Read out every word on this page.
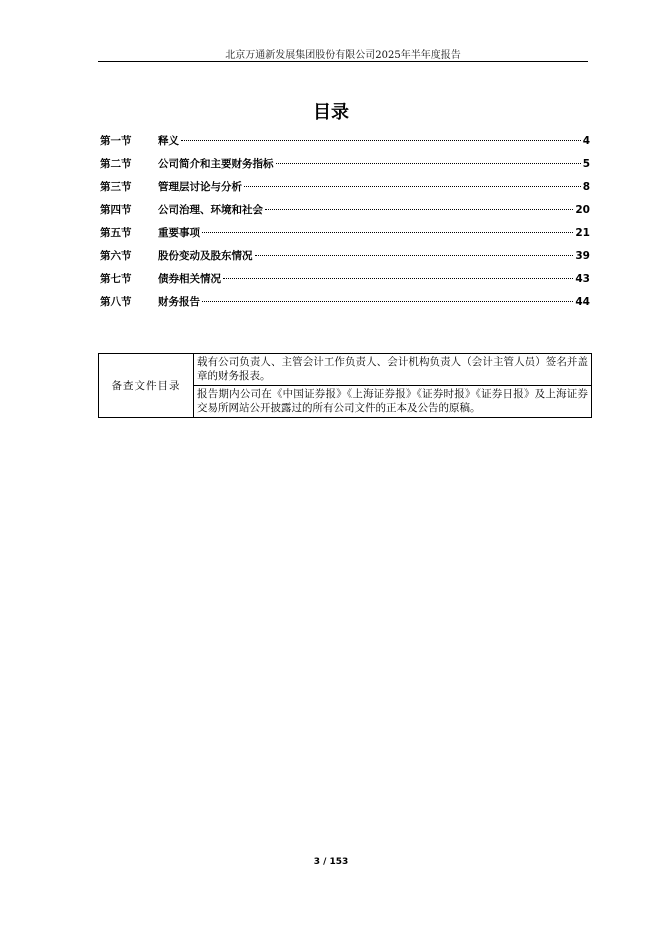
北京万通新发展集团股份有限公司2025年半年度报告
目录
第一节	释义	4
第二节	公司简介和主要财务指标	5
第三节	管理层讨论与分析	8
第四节	公司治理、环境和社会	20
第五节	重要事项	21
第六节	股份变动及股东情况	39
第七节	债券相关情况	43
第八节	财务报告	44
备查文件目录	载有公司负责人、主管会计工作负责人、会计机构负责人（会计主管人员）签名并盖章的财务报表。
报告期内公司在《中国证券报》《上海证券报》《证券时报》《证券日报》及上海证券交易所网站公开披露过的所有公司文件的正本及公告的原稿。
3 / 153
